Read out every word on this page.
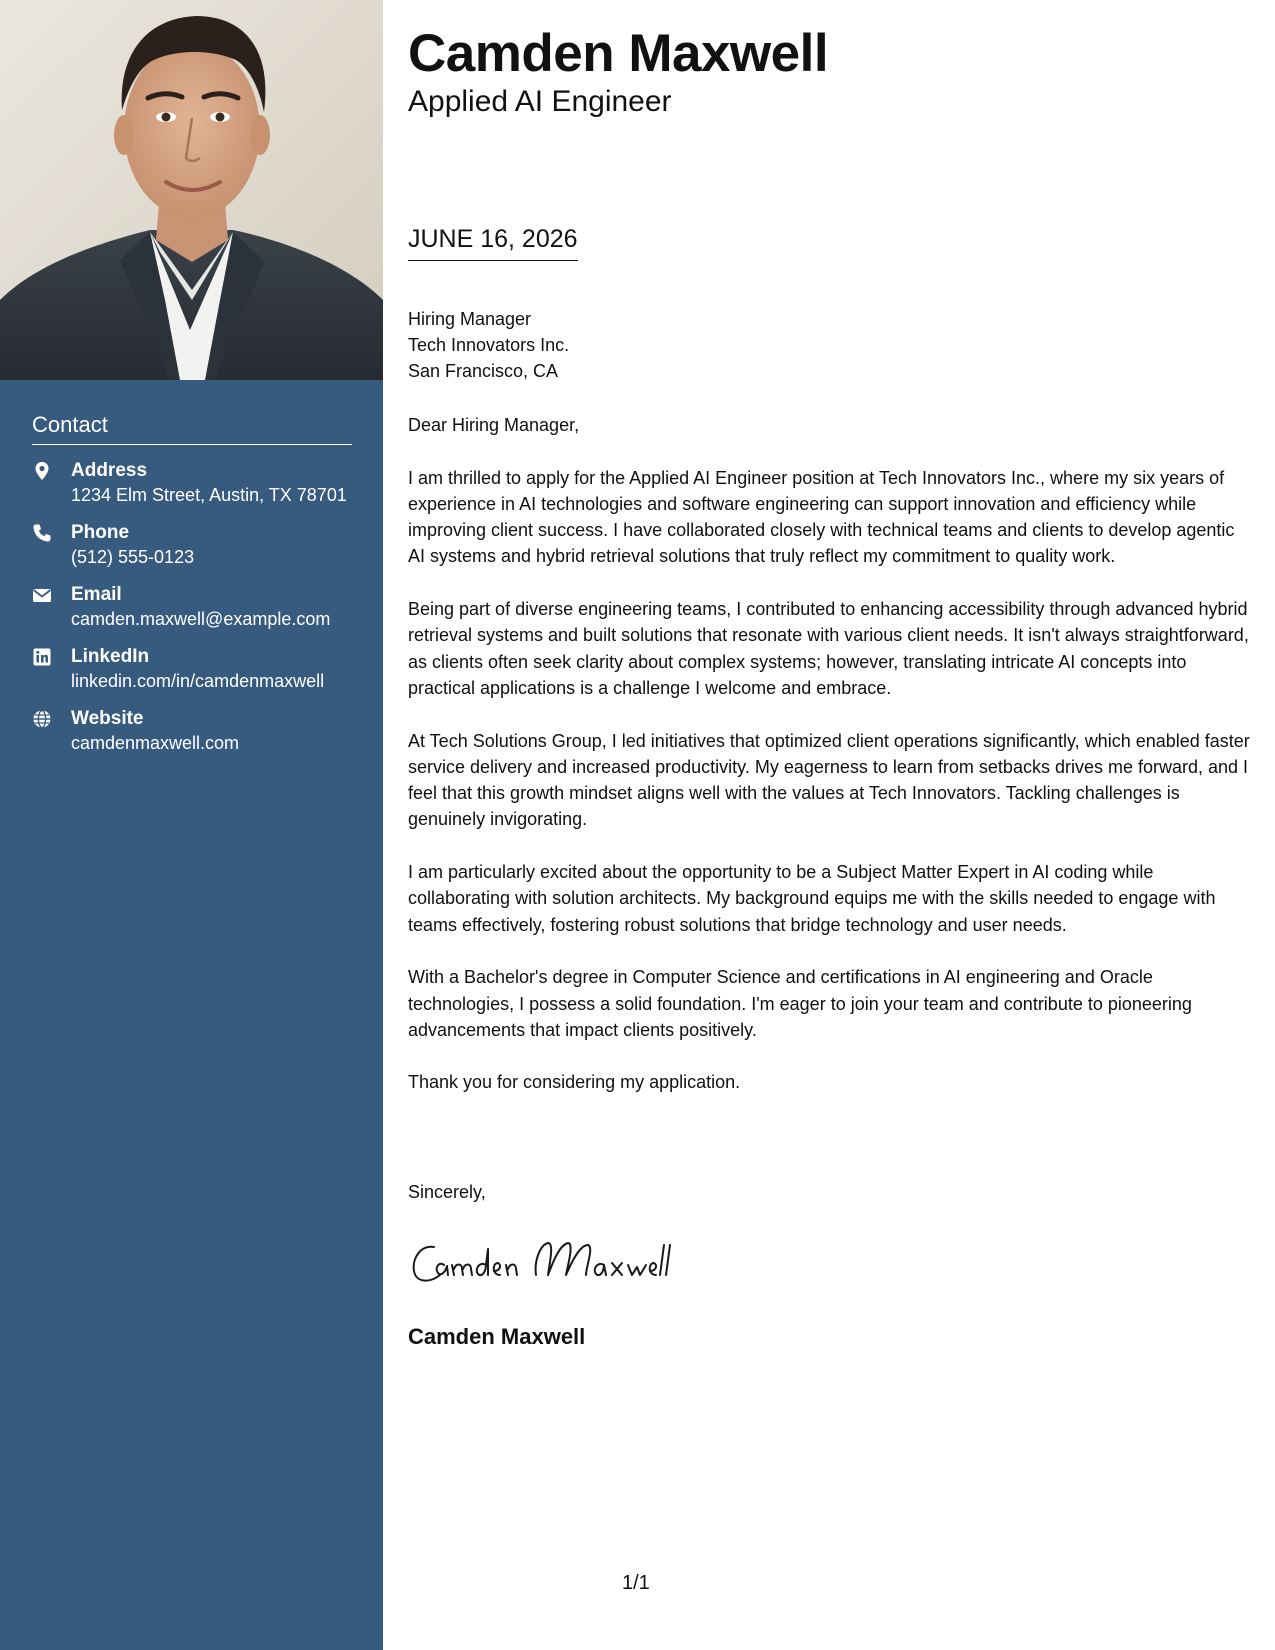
Contact
Address
1234 Elm Street, Austin, TX 78701
Phone
(512) 555-0123
Email
camden.maxwell@example.com
LinkedIn
linkedin.com/in/camdenmaxwell
Website
camdenmaxwell.com
Camden Maxwell
Applied AI Engineer
JUNE 16, 2026
Hiring Manager
Tech Innovators Inc.
San Francisco, CA

Dear Hiring Manager,

I am thrilled to apply for the Applied AI Engineer position at Tech Innovators Inc., where my six years of experience in AI technologies and software engineering can support innovation and efficiency while improving client success. I have collaborated closely with technical teams and clients to develop agentic AI systems and hybrid retrieval solutions that truly reflect my commitment to quality work.

Being part of diverse engineering teams, I contributed to enhancing accessibility through advanced hybrid retrieval systems and built solutions that resonate with various client needs. It isn't always straightforward, as clients often seek clarity about complex systems; however, translating intricate AI concepts into practical applications is a challenge I welcome and embrace.

At Tech Solutions Group, I led initiatives that optimized client operations significantly, which enabled faster service delivery and increased productivity. My eagerness to learn from setbacks drives me forward, and I feel that this growth mindset aligns well with the values at Tech Innovators. Tackling challenges is genuinely invigorating.

I am particularly excited about the opportunity to be a Subject Matter Expert in AI coding while collaborating with solution architects. My background equips me with the skills needed to engage with teams effectively, fostering robust solutions that bridge technology and user needs.

With a Bachelor's degree in Computer Science and certifications in AI engineering and Oracle technologies, I possess a solid foundation. I'm eager to join your team and contribute to pioneering advancements that impact clients positively.

Thank you for considering my application.

Sincerely,
Camden Maxwell
1/1
